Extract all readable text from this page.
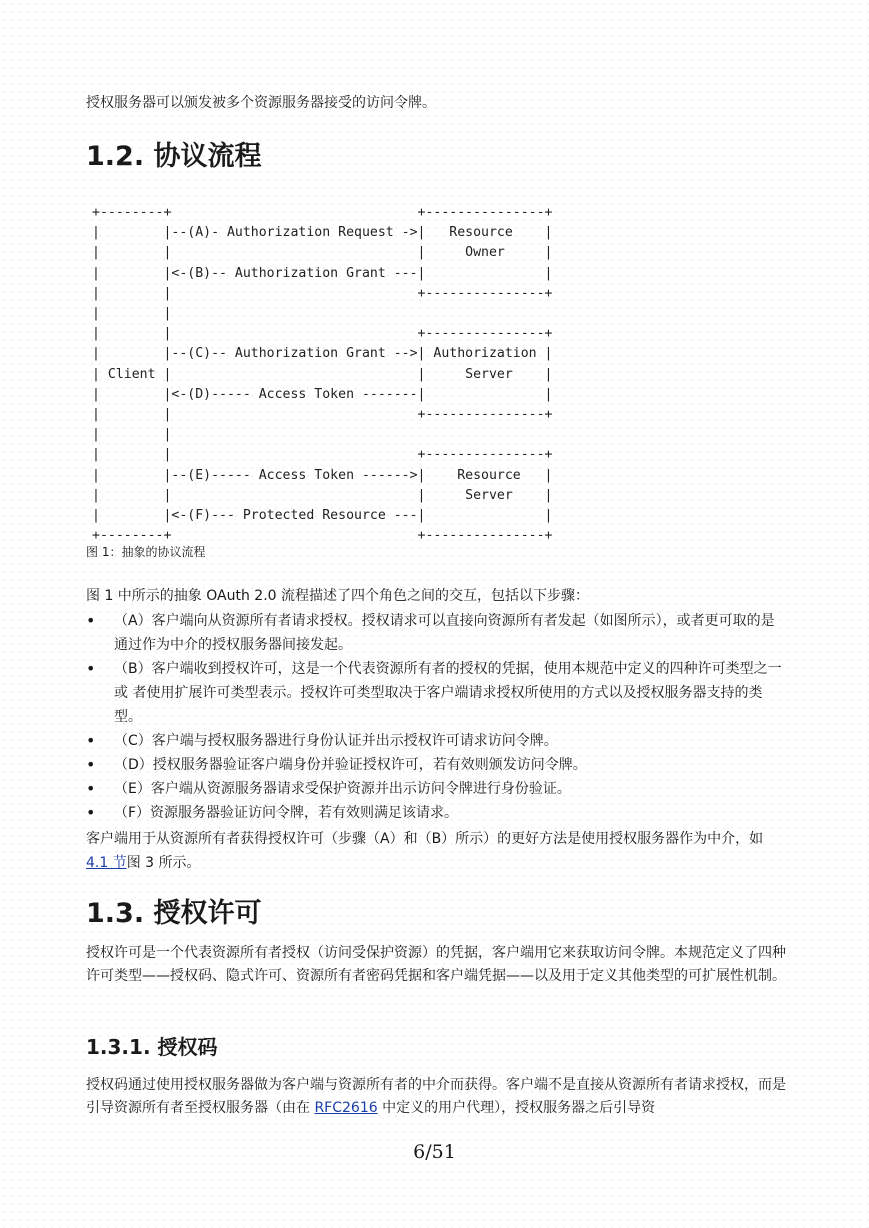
授权服务器可以颁发被多个资源服务器接受的访问令牌。

1.2. 协议流程
+--------+                               +---------------+
|        |--(A)- Authorization Request ->|   Resource    |
|        |                               |     Owner     |
|        |<-(B)-- Authorization Grant ---|               |
|        |                               +---------------+
|        |
|        |                               +---------------+
|        |--(C)-- Authorization Grant -->| Authorization |
| Client |                               |     Server    |
|        |<-(D)----- Access Token -------|               |
|        |                               +---------------+
|        |
|        |                               +---------------+
|        |--(E)----- Access Token ------>|    Resource   |
|        |                               |     Server    |
|        |<-(F)--- Protected Resource ---|               |
+--------+                               +---------------+

图 1：抽象的协议流程

图 1 中所示的抽象 OAuth 2.0 流程描述了四个角色之间的交互，包括以下步骤：

• （A）客户端向从资源所有者请求授权。授权请求可以直接向资源所有者发起（如图所示），或者更可取的是通过作为中介的授权服务器间接发起。
• （B）客户端收到授权许可，这是一个代表资源所有者的授权的凭据，使用本规范中定义的四种许可类型之一或 者使用扩展许可类型表示。授权许可类型取决于客户端请求授权所使用的方式以及授权服务器支持的类型。
• （C）客户端与授权服务器进行身份认证并出示授权许可请求访问令牌。
• （D）授权服务器验证客户端身份并验证授权许可，若有效则颁发访问令牌。
• （E）客户端从资源服务器请求受保护资源并出示访问令牌进行身份验证。
• （F）资源服务器验证访问令牌，若有效则满足该请求。

客户端用于从资源所有者获得授权许可（步骤（A）和（B）所示）的更好方法是使用授权服务器作为中介，如 4.1 节图 3 所示。

1.3. 授权许可

授权许可是一个代表资源所有者授权（访问受保护资源）的凭据，客户端用它来获取访问令牌。本规范定义了四种许可类型——授权码、隐式许可、资源所有者密码凭据和客户端凭据——以及用于定义其他类型的可扩展性机制。

1.3.1. 授权码

授权码通过使用授权服务器做为客户端与资源所有者的中介而获得。客户端不是直接从资源所有者请求授权，而是引导资源所有者至授权服务器（由在 RFC2616 中定义的用户代理），授权服务器之后引导资

6/51
